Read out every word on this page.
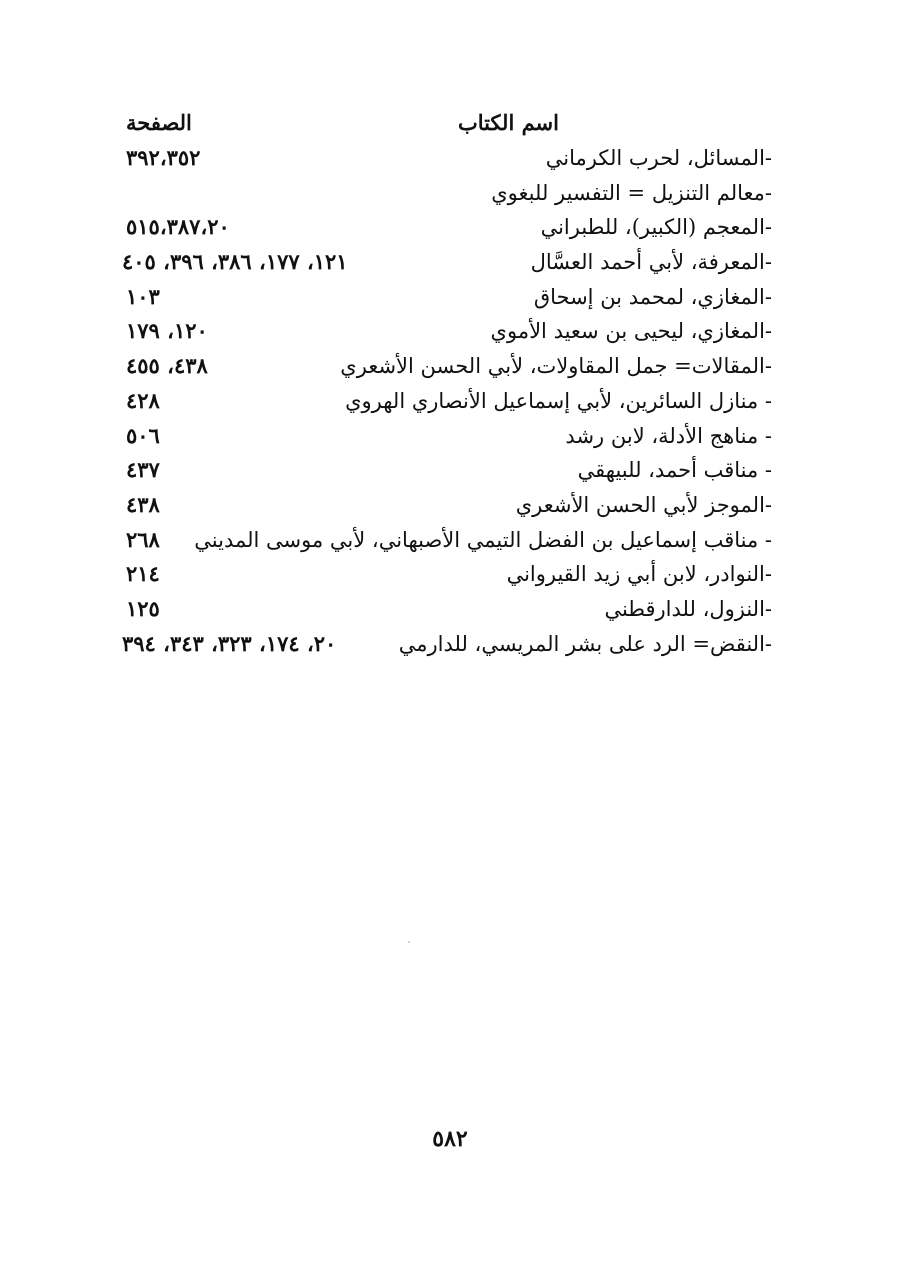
اسم الكتاب
الصفحة
-المسائل، لحرب الكرماني
٣٩٢،٣٥٢
-معالم التنزيل = التفسير للبغوي
-المعجم (الكبير)، للطبراني
٥١٥،٣٨٧،٢٠
-المعرفة، لأبي أحمد العسَّال
١٢١، ١٧٧، ٣٨٦، ٣٩٦، ٤٠٥
-المغازي، لمحمد بن إسحاق
١٠٣
-المغازي، ليحيى بن سعيد الأموي
١٢٠، ١٧٩
-المقالات= جمل المقاولات، لأبي الحسن الأشعري
٤٣٨، ٤٥٥
- منازل السائرين، لأبي إسماعيل الأنصاري الهروي
٤٢٨
- مناهج الأدلة، لابن رشد
٥٠٦
- مناقب أحمد، للبيهقي
٤٣٧
-الموجز لأبي الحسن الأشعري
٤٣٨
- مناقب إسماعيل بن الفضل التيمي الأصبهاني، لأبي موسى المديني
٢٦٨
-النوادر، لابن أبي زيد القيرواني
٢١٤
-النزول، للدارقطني
١٢٥
-النقض= الرد على بشر المريسي، للدارمي
٢٠، ١٧٤، ٣٢٣، ٣٤٣، ٣٩٤
٥٨٢
